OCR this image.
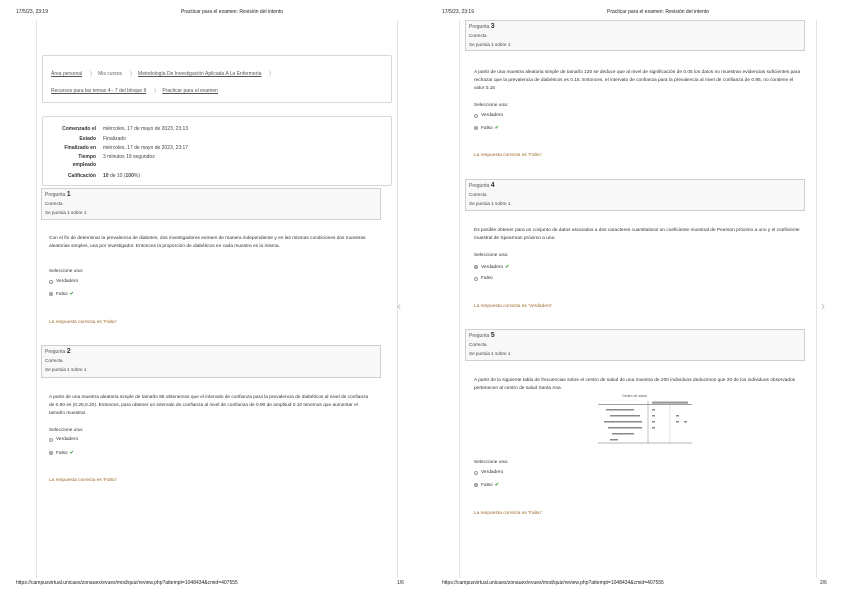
17/5/23, 23:19	Practicar para el examen: Revisión del intento
Área personal	Mis cursos	Metodología De Investigación Aplicada A La Enfermería
Recursos para las temas 4 - 7 del bloque II	Practicar para el examen
Comenzado el miércoles, 17 de mayo de 2023, 23:13
Estado Finalizado
Finalizado en miércoles, 17 de mayo de 2023, 23:17
Tiempo 3 minutos 19 segundos
empleado
Calificación 10 de 10 (100%)
Pregunta 1
Correcta
Se puntúa 1 sobre 1
Con el fin de determinar la prevalencia de diabetes, dos investigadores extraen de manera independiente y en las mismas condiciones dos muestras aleatorias simples, una por investigador. Entonces la proporción de diabéticos en cada muestra es la misma.
Seleccione una:
Verdadero
Falso ✔
La respuesta correcta es 'Falso'
Pregunta 2
Correcta
Se puntúa 1 sobre 1
A partir de una muestra aleatoria simple de tamaño 95 obtenemos que el intervalo de confianza para la prevalencia de diabéticos al nivel de confianza de 0.90 es (0.25,0.20). Entonces, para obtener un intervalo de confianza al nivel de confianza de 0.90 de amplitud 0.10 tenemos que aumentar el tamaño muestral.
Seleccione una:
Verdadero
Falso ✔
La respuesta correcta es 'Falso'
https://campusvirtual.unicaes/zonauex/evuex/mod/quiz/review.php?attempt=1048434&cmid=407555	1/6
‹
17/5/23, 23:19	Practicar para el examen: Revisión del intento
Pregunta 3
Correcta
Se puntúa 1 sobre 1
A partir de una muestra aleatoria simple de tamaño 130 se deduce que al nivel de significación de 0.05 los datos no muestran evidencias suficientes para rechazar que la prevalencia de diabéticos es 0.15. Entonces, el intervalo de confianza para la prevalencia al nivel de confianza de 0.95, no contiene el valor 0.15
Seleccione una:
Verdadero
Falso ✔
La respuesta correcta es 'Falso'
Pregunta 4
Correcta
Se puntúa 1 sobre 1
Es posible obtener para un conjunto de datos asociados a dos caracteres cuantitativos un coeficiente muestral de Pearson próximo a uno y el coeficiente muestral de Spearman próximo a uno.
Seleccione una:
Verdadero ✔
Falso
La respuesta correcta es 'Verdadero'
Pregunta 5
Correcta
Se puntúa 1 sobre 1
A partir de la siguiente tabla de frecuencias sobre el centro de salud de una muestra de 200 individuos deducimos que 20 de los individuos observados pertenecen al centro de salud Santa Ana.
Centro de salud
Seleccione una:
Verdadero
Falso ✔
La respuesta correcta es 'Falso'
https://campusvirtual.unicaes/zonauex/evuex/mod/quiz/review.php?attempt=1048434&cmid=407555	2/6
›
